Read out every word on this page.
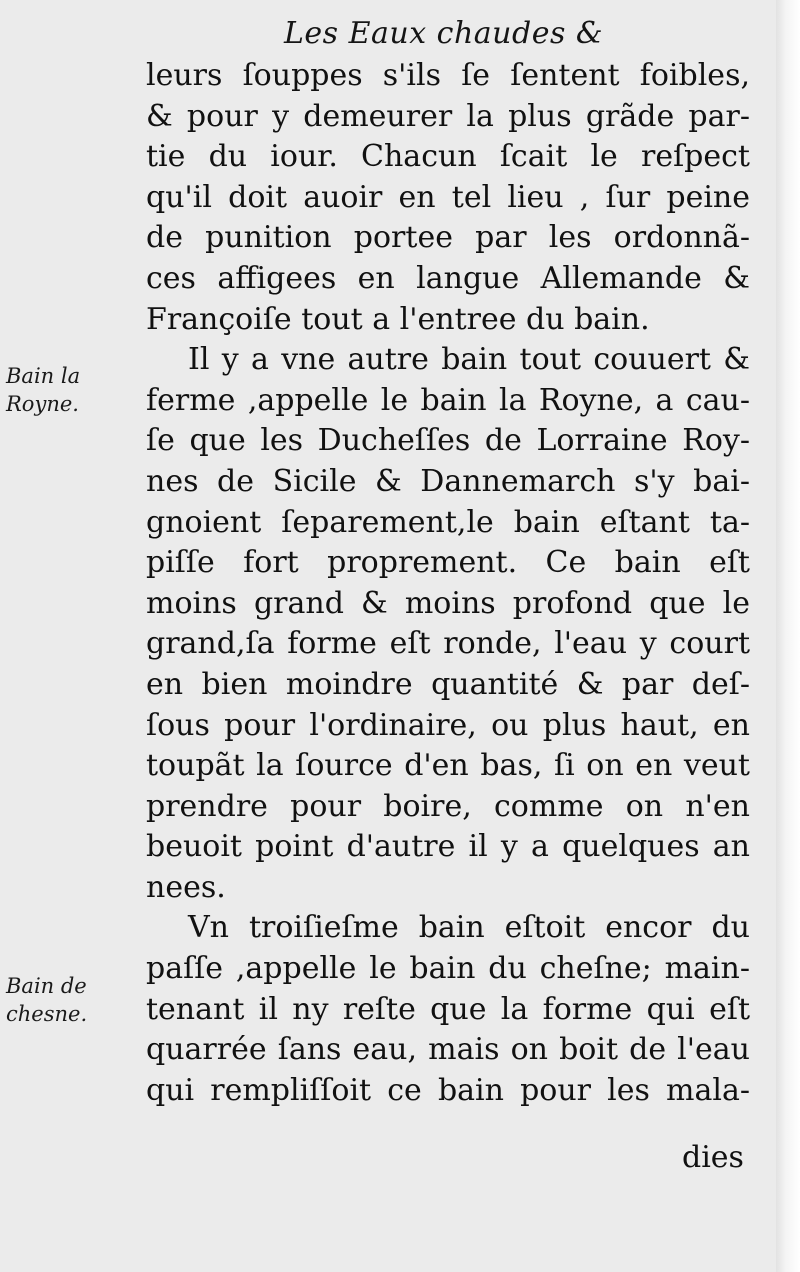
Les Eaux chaudes &
Bain la
Royne.
Bain de
chesne.
leurs ſouppes s'ils ſe ſentent foibles,
& pour y demeurer la plus grãde par-
tie du iour. Chacun ſcait le reſpect
qu'il doit auoir en tel lieu , ſur peine
de punition portee par les ordonnã-
ces affigees en langue Allemande &
Françoiſe tout a l'entree du bain.
Il y a vne autre bain tout couuert &
ferme ,appelle le bain la Royne, a cau-
ſe que les Ducheſſes de Lorraine Roy-
nes de Sicile & Dannemarch s'y bai-
gnoient ſeparement,le bain eſtant ta-
piſſe fort proprement. Ce bain eſt
moins grand & moins profond que le
grand,ſa forme eſt ronde, l'eau y court
en bien moindre quantité & par deſ-
ſous pour l'ordinaire, ou plus haut, en
toupãt la ſource d'en bas, ſi on en veut
prendre pour boire, comme on n'en
beuoit point d'autre il y a quelques an
nees.
Vn troiſieſme bain eſtoit encor du
paſſe ,appelle le bain du cheſne; main-
tenant il ny reſte que la forme qui eſt
quarrée ſans eau, mais on boit de l'eau
qui rempliſſoit ce bain pour les mala-
dies
